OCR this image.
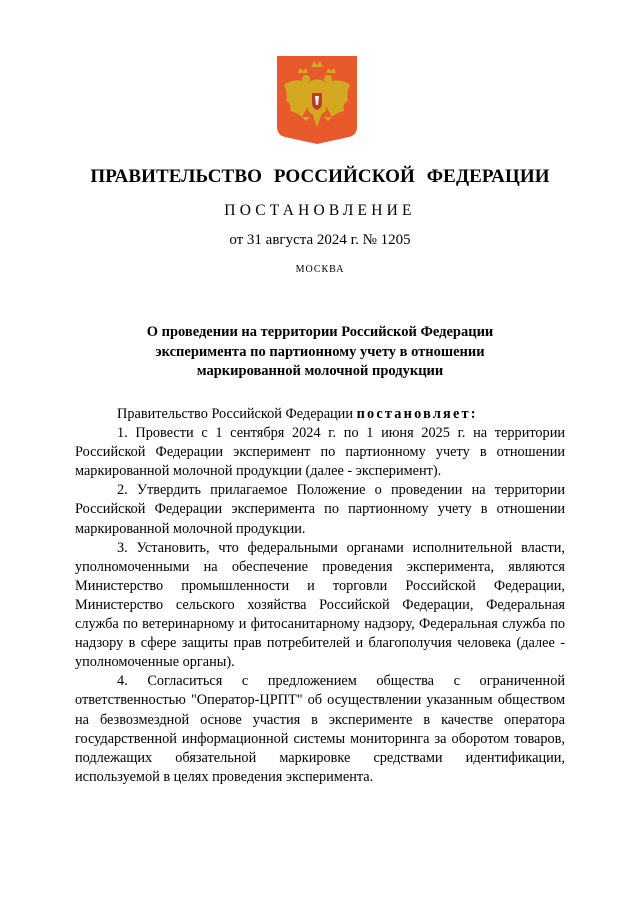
ПРАВИТЕЛЬСТВО РОССИЙСКОЙ ФЕДЕРАЦИИ
ПОСТАНОВЛЕНИЕ
от 31 августа 2024 г. № 1205
МОСКВА
О проведении на территории Российской Федерации
эксперимента по партионному учету в отношении
маркированной молочной продукции

Правительство Российской Федерации постановляет:

1. Провести с 1 сентября 2024 г. по 1 июня 2025 г. на территории Российской Федерации эксперимент по партионному учету в отношении маркированной молочной продукции (далее - эксперимент).

2. Утвердить прилагаемое Положение о проведении на территории Российской Федерации эксперимента по партионному учету в отношении маркированной молочной продукции.

3. Установить, что федеральными органами исполнительной власти, уполномоченными на обеспечение проведения эксперимента, являются Министерство промышленности и торговли Российской Федерации, Министерство сельского хозяйства Российской Федерации, Федеральная служба по ветеринарному и фитосанитарному надзору, Федеральная служба по надзору в сфере защиты прав потребителей и благополучия человека (далее - уполномоченные органы).

4. Согласиться с предложением общества с ограниченной ответственностью "Оператор-ЦРПТ" об осуществлении указанным обществом на безвозмездной основе участия в эксперименте в качестве оператора государственной информационной системы мониторинга за оборотом товаров, подлежащих обязательной маркировке средствами идентификации, используемой в целях проведения эксперимента.
